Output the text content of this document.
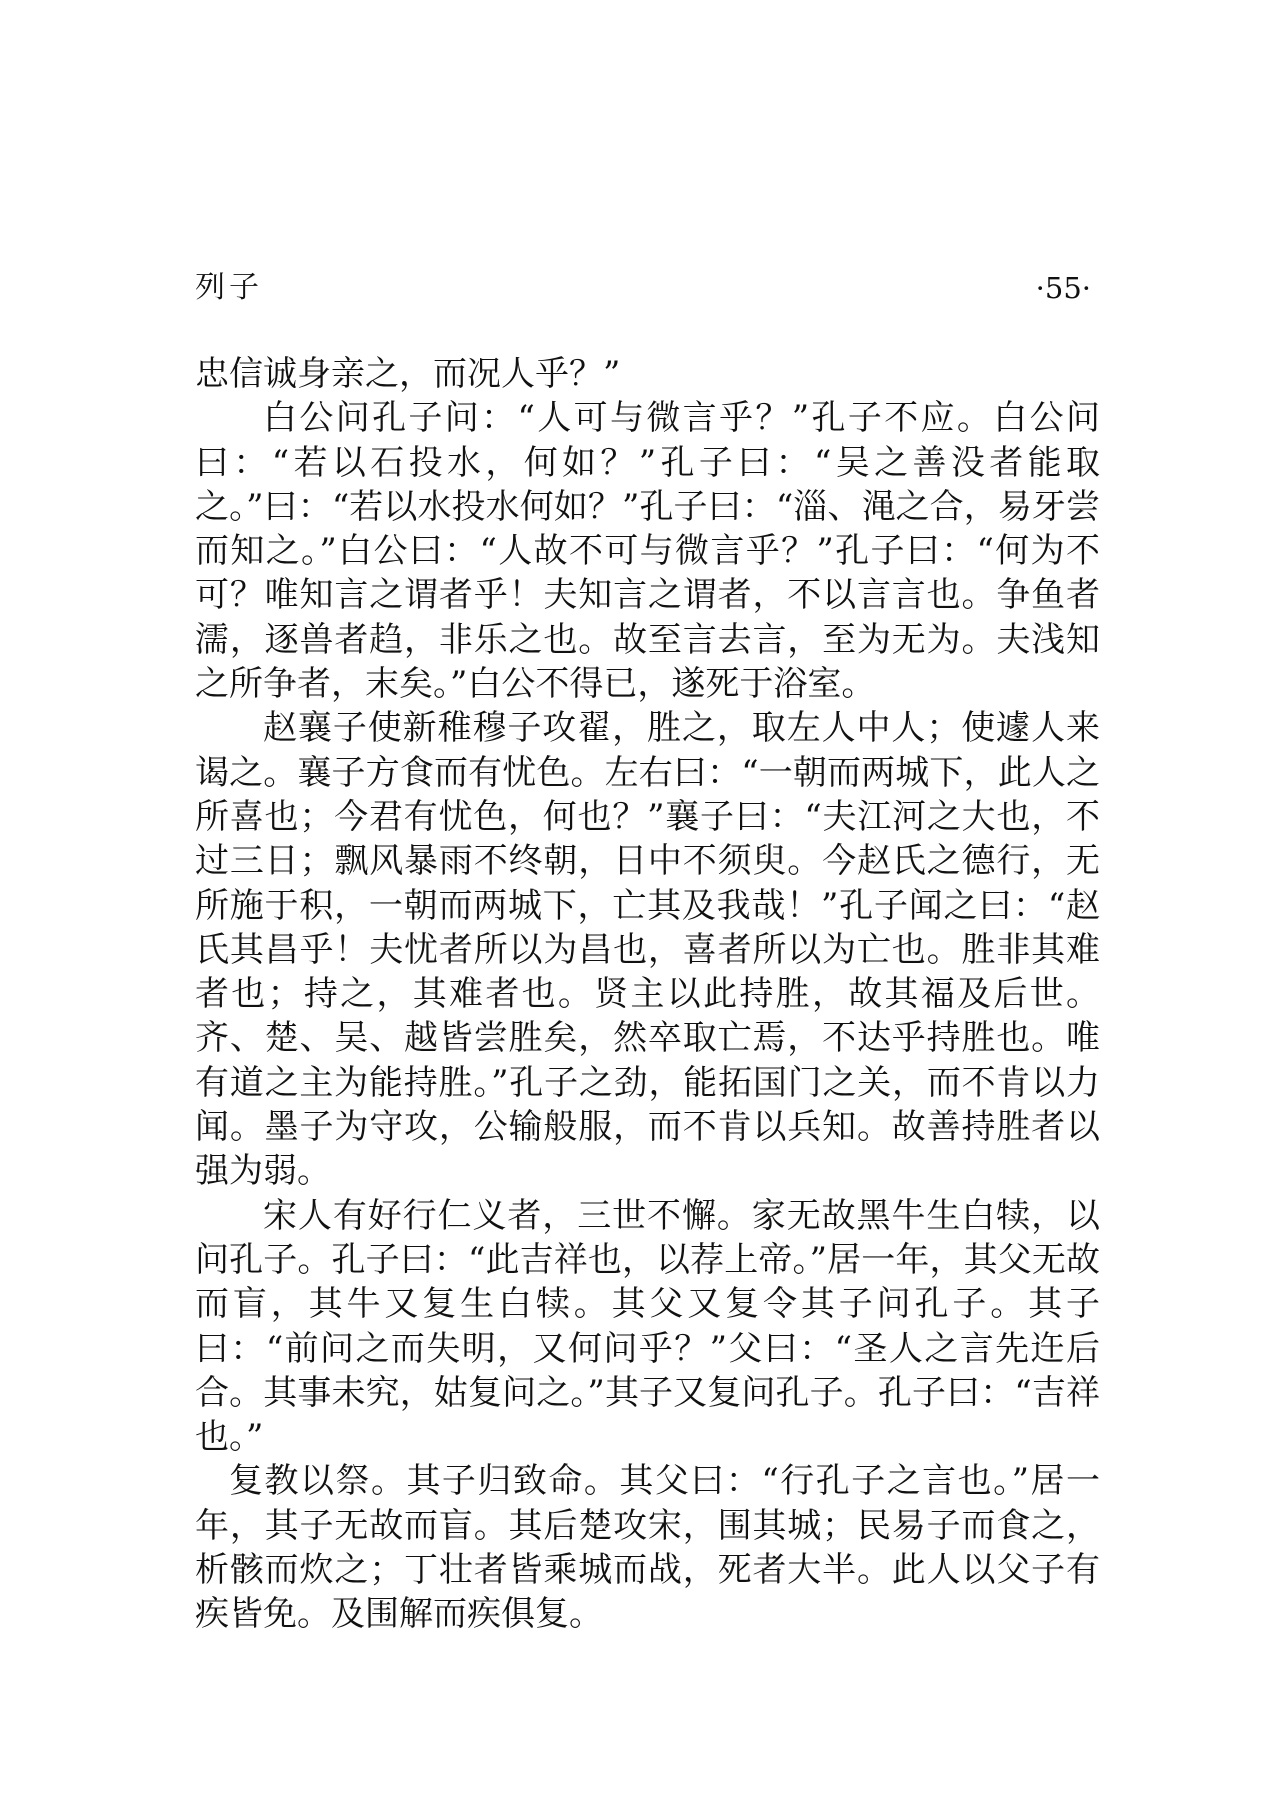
列子	·55·

忠信诚身亲之，而况人乎？”

白公问孔子问：“人可与微言乎？”孔子不应。白公问曰：“若以石投水，何如？”孔子曰：“吴之善没者能取之。”曰：“若以水投水何如？”孔子曰：“淄、渑之合，易牙尝而知之。”白公曰：“人故不可与微言乎？”孔子曰：“何为不可？唯知言之谓者乎！夫知言之谓者，不以言言也。争鱼者濡，逐兽者趋，非乐之也。故至言去言，至为无为。夫浅知之所争者，末矣。”白公不得已，遂死于浴室。

赵襄子使新稚穆子攻翟，胜之，取左人中人；使遽人来谒之。襄子方食而有忧色。左右曰：“一朝而两城下，此人之所喜也；今君有忧色，何也？”襄子曰：“夫江河之大也，不过三日；飘风暴雨不终朝，日中不须臾。今赵氏之德行，无所施于积，一朝而两城下，亡其及我哉！”孔子闻之曰：“赵氏其昌乎！夫忧者所以为昌也，喜者所以为亡也。胜非其难者也；持之，其难者也。贤主以此持胜，故其福及后世。齐、楚、吴、越皆尝胜矣，然卒取亡焉，不达乎持胜也。唯有道之主为能持胜。”孔子之劲，能拓国门之关，而不肯以力闻。墨子为守攻，公输般服，而不肯以兵知。故善持胜者以强为弱。

宋人有好行仁义者，三世不懈。家无故黑牛生白犊，以问孔子。孔子曰：“此吉祥也，以荐上帝。”居一年，其父无故而盲，其牛又复生白犊。其父又复令其子问孔子。其子曰：“前问之而失明，又何问乎？”父曰：“圣人之言先迕后合。其事未究，姑复问之。”其子又复问孔子。孔子曰：“吉祥也。”

复教以祭。其子归致命。其父曰：“行孔子之言也。”居一年，其子无故而盲。其后楚攻宋，围其城；民易子而食之，析骸而炊之；丁壮者皆乘城而战，死者大半。此人以父子有疾皆免。及围解而疾俱复。
